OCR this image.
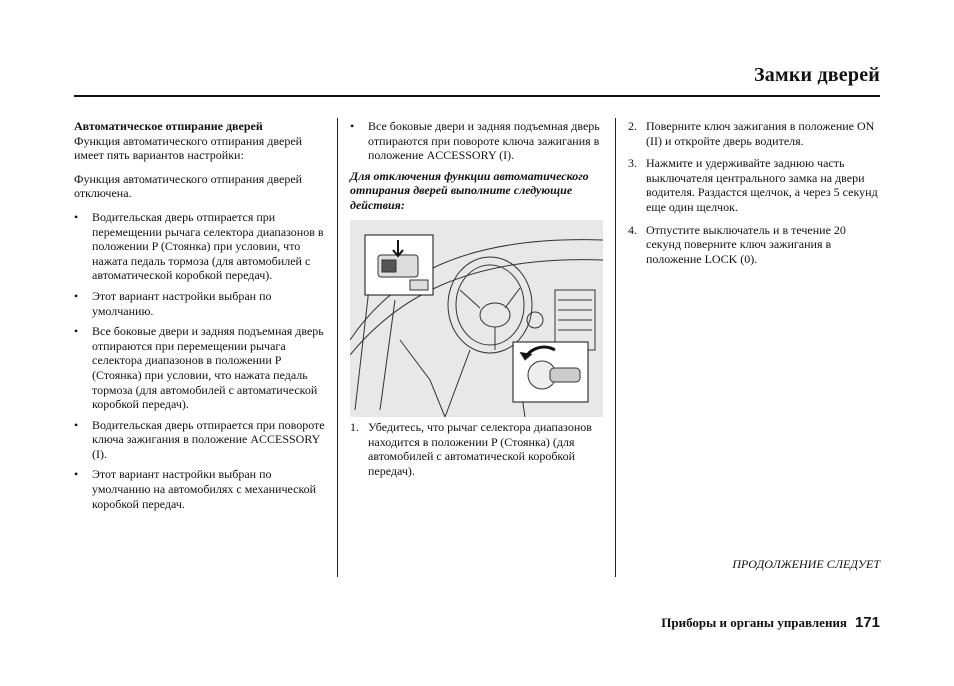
Замки дверей

Автоматическое отпирание дверей

Функция автоматического отпирания дверей имеет пять вариантов настройки:

Функция автоматического отпирания дверей отключена.

• Водительская дверь отпирается при перемещении рычага селектора диапазонов в положении P (Стоянка) при условии, что нажата педаль тормоза (для автомобилей с автоматической коробкой передач).

• Этот вариант настройки выбран по умолчанию.

• Все боковые двери и задняя подъемная дверь отпираются при перемещении рычага селектора диапазонов в положении P (Стоянка) при условии, что нажата педаль тормоза (для автомобилей с автоматической коробкой передач).

• Водительская дверь отпирается при повороте ключа зажигания в положение ACCESSORY (I).

• Этот вариант настройки выбран по умолчанию на автомобилях с механической коробкой передач.

• Все боковые двери и задняя подъемная дверь отпираются при повороте ключа зажигания в положение ACCESSORY (I).

Для отключения функции автоматического отпирания дверей выполните следующие действия:

1. Убедитесь, что рычаг селектора диапазонов находится в положении P (Стоянка) (для автомобилей с автоматической коробкой передач).

2. Поверните ключ зажигания в положение ON (II) и откройте дверь водителя.

3. Нажмите и удерживайте заднюю часть выключателя центрального замка на двери водителя. Раздастся щелчок, а через 5 секунд еще один щелчок.

4. Отпустите выключатель и в течение 20 секунд поверните ключ зажигания в положение LOCK (0).

ПРОДОЛЖЕНИЕ СЛЕДУЕТ
Приборы и органы управления 171
